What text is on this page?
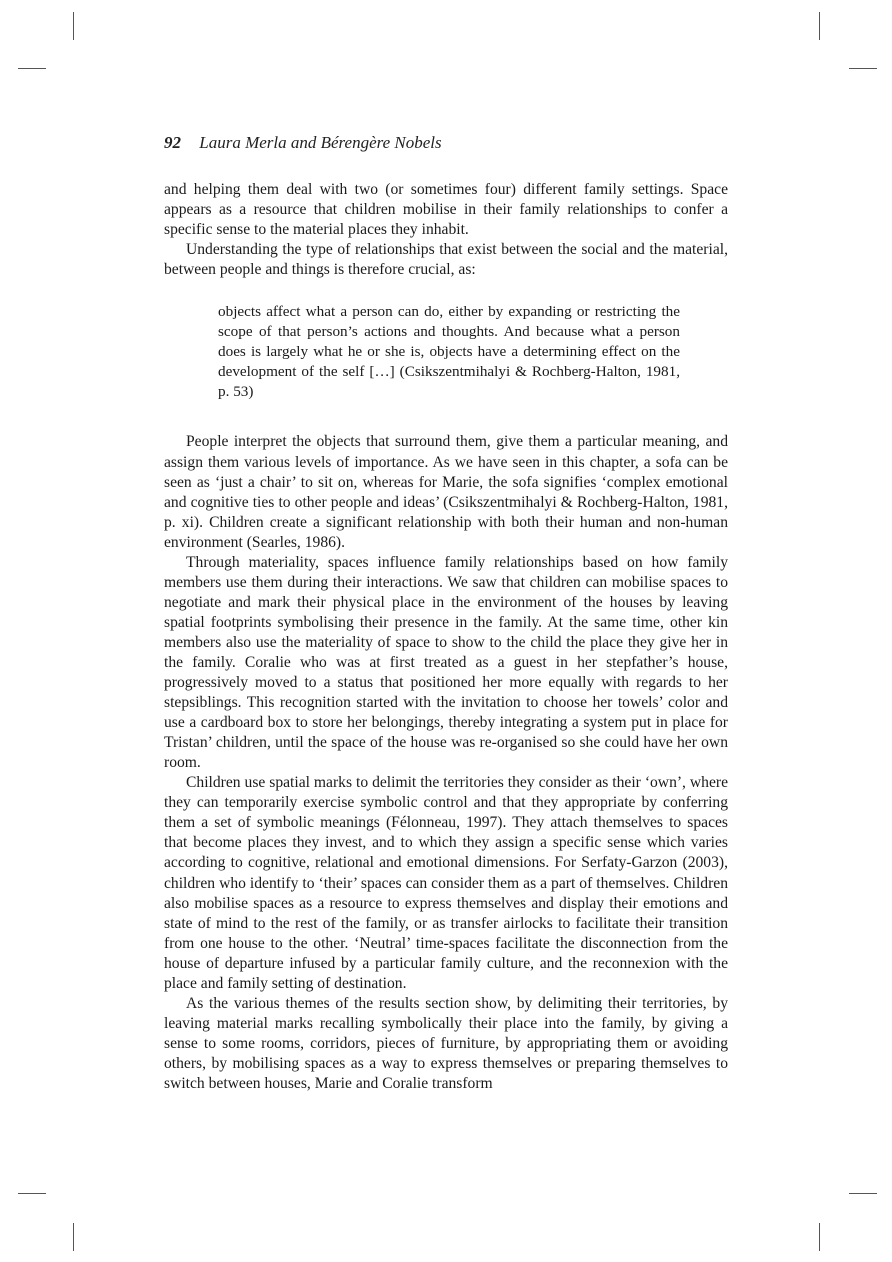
92 Laura Merla and Bérengère Nobels

and helping them deal with two (or sometimes four) different family settings. Space appears as a resource that children mobilise in their family relationships to confer a specific sense to the material places they inhabit.

Understanding the type of relationships that exist between the social and the material, between people and things is therefore crucial, as:

objects affect what a person can do, either by expanding or restricting the scope of that person’s actions and thoughts. And because what a person does is largely what he or she is, objects have a determining effect on the development of the self […] (Csikszentmihalyi & Rochberg-Halton, 1981, p. 53)

People interpret the objects that surround them, give them a particular meaning, and assign them various levels of importance. As we have seen in this chapter, a sofa can be seen as ‘just a chair’ to sit on, whereas for Marie, the sofa signifies ‘complex emotional and cognitive ties to other people and ideas’ (Csikszentmihalyi & Rochberg-Halton, 1981, p. xi). Children create a significant relationship with both their human and non-human environment (Searles, 1986).

Through materiality, spaces influence family relationships based on how family members use them during their interactions. We saw that children can mobilise spaces to negotiate and mark their physical place in the environment of the houses by leaving spatial footprints symbolising their presence in the family. At the same time, other kin members also use the materiality of space to show to the child the place they give her in the family. Coralie who was at first treated as a guest in her stepfather’s house, progressively moved to a status that positioned her more equally with regards to her stepsiblings. This recognition started with the invitation to choose her towels’ color and use a cardboard box to store her belongings, thereby integrating a system put in place for Tristan’ children, until the space of the house was re-organised so she could have her own room.

Children use spatial marks to delimit the territories they consider as their ‘own’, where they can temporarily exercise symbolic control and that they appropriate by conferring them a set of symbolic meanings (Félonneau, 1997). They attach themselves to spaces that become places they invest, and to which they assign a specific sense which varies according to cognitive, relational and emotional dimensions. For Serfaty-Garzon (2003), children who identify to ‘their’ spaces can consider them as a part of themselves. Children also mobilise spaces as a resource to express themselves and display their emotions and state of mind to the rest of the family, or as transfer airlocks to facilitate their transition from one house to the other. ‘Neutral’ time-spaces facilitate the disconnection from the house of departure infused by a particular family culture, and the reconnexion with the place and family setting of destination.

As the various themes of the results section show, by delimiting their territories, by leaving material marks recalling symbolically their place into the family, by giving a sense to some rooms, corridors, pieces of furniture, by appropriating them or avoiding others, by mobilising spaces as a way to express themselves or preparing themselves to switch between houses, Marie and Coralie transform
